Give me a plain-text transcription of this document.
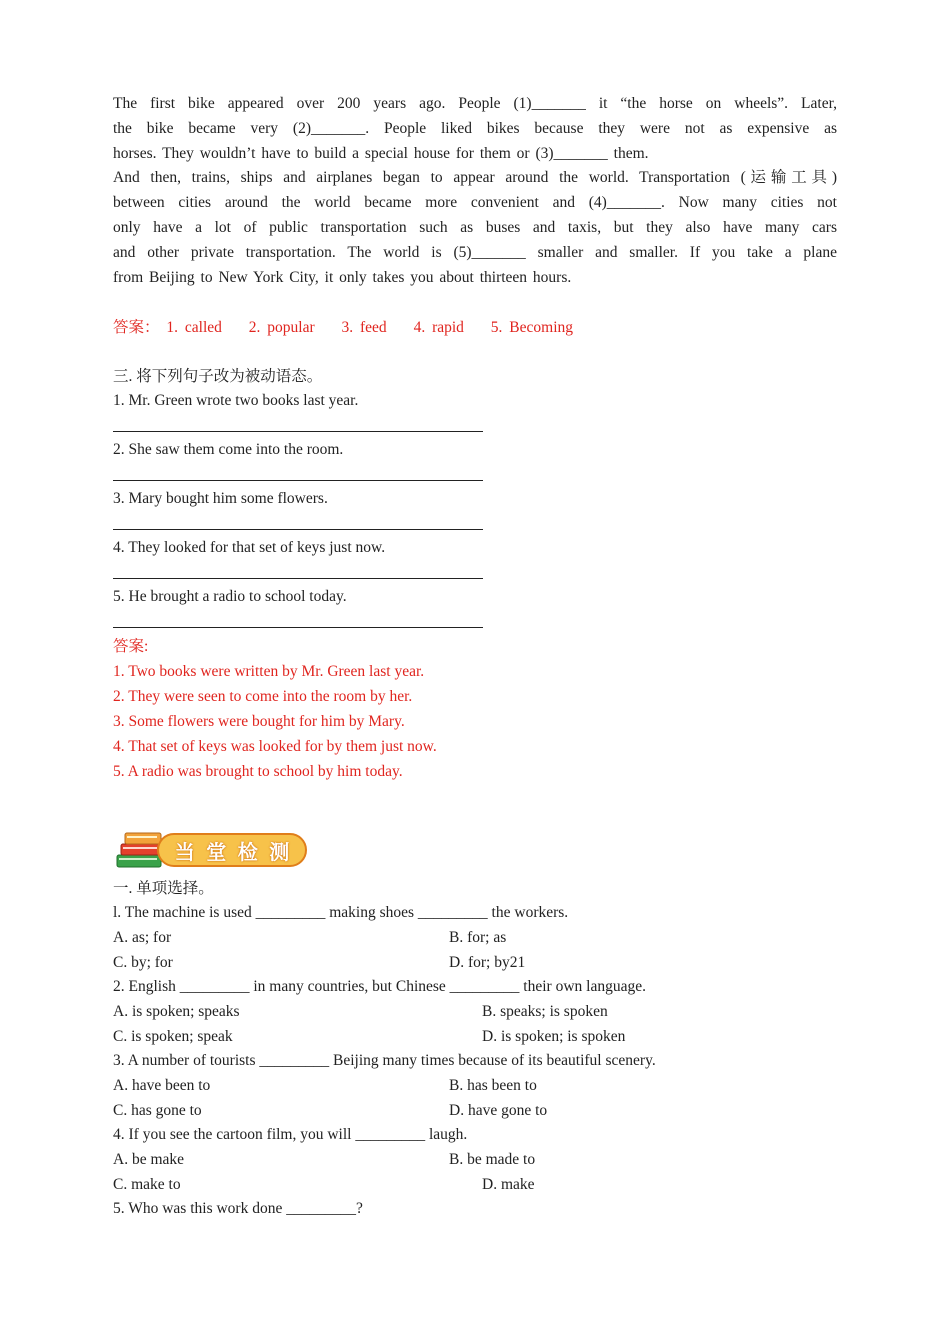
The first bike appeared over 200 years ago. People (1)_______ it “the horse on wheels”. Later,

the bike became very (2)_______. People liked bikes because they were not as expensive as

horses. They wouldn’t have to build a special house for them or (3)_______ them.

And then, trains, ships and airplanes began to appear around the world. Transportation (运输工具)

between cities around the world became more convenient and (4)_______. Now many cities not

only have a lot of public transportation such as buses and taxis, but they also have many cars

and other private transportation. The world is (5)_______ smaller and smaller. If you take a plane

from Beijing to New York City, it only takes you about thirteen hours.

答案： 1. called 2. popular 3. feed 4. rapid 5. Becoming
三. 将下列句子改为被动语态。

1. Mr. Green wrote two books last year.

2. She saw them come into the room.

3. Mary bought him some flowers.

4. They looked for that set of keys just now.

5. He brought a radio to school today.

答案:
1. Two books were written by Mr. Green last year.
2. They were seen to come into the room by her.
3. Some flowers were bought for him by Mary.
4. That set of keys was looked for by them just now.
5. A radio was brought to school by him today.
当 堂 检 测
一. 单项选择。
l. The machine is used _________ making shoes _________ the workers.
A. as; for	B. for; as
C. by; for	D. for; by21
2. English _________ in many countries, but Chinese _________ their own language.
A. is spoken; speaks	B. speaks; is spoken
C. is spoken; speak	D. is spoken; is spoken
3. A number of tourists _________ Beijing many times because of its beautiful scenery.
A. have been to	B. has been to
C. has gone to	D. have gone to
4. If you see the cartoon film, you will _________ laugh.
A. be make	B. be made to
C. make to	D. make
5. Who was this work done _________?
